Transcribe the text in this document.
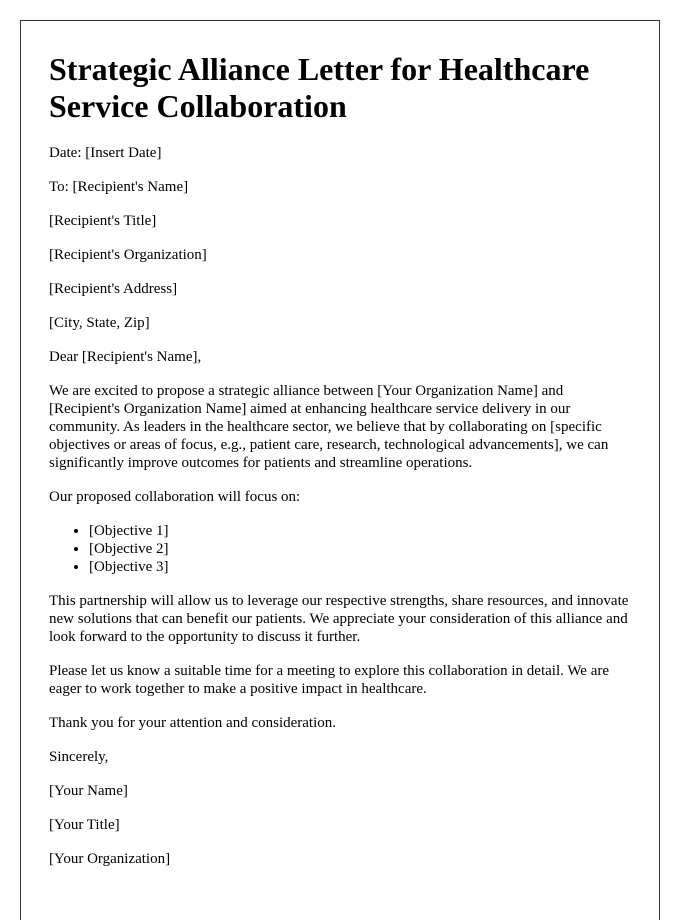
Strategic Alliance Letter for Healthcare Service Collaboration

Date: [Insert Date]

To: [Recipient's Name]

[Recipient's Title]

[Recipient's Organization]

[Recipient's Address]

[City, State, Zip]

Dear [Recipient's Name],

We are excited to propose a strategic alliance between [Your Organization Name] and [Recipient's Organization Name] aimed at enhancing healthcare service delivery in our community. As leaders in the healthcare sector, we believe that by collaborating on [specific objectives or areas of focus, e.g., patient care, research, technological advancements], we can significantly improve outcomes for patients and streamline operations.

Our proposed collaboration will focus on:

• [Objective 1]
• [Objective 2]
• [Objective 3]

This partnership will allow us to leverage our respective strengths, share resources, and innovate new solutions that can benefit our patients. We appreciate your consideration of this alliance and look forward to the opportunity to discuss it further.

Please let us know a suitable time for a meeting to explore this collaboration in detail. We are eager to work together to make a positive impact in healthcare.

Thank you for your attention and consideration.

Sincerely,

[Your Name]

[Your Title]

[Your Organization]
